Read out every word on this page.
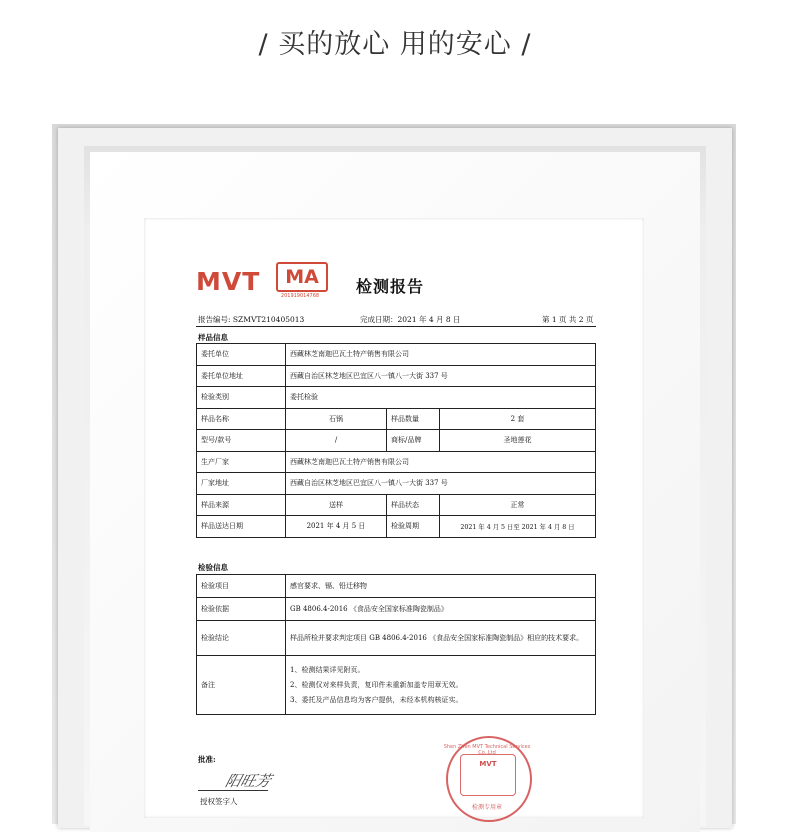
/ 买的放心 用的安心 /
MVT	MA
201919014768	检测报告
报告编号: SZMVT210405013	完成日期：2021 年 4 月 8 日	第 1 页 共 2 页
样品信息
委托单位	西藏林芝南迦巴瓦土特产销售有限公司		
委托单位地址	西藏自治区林芝地区巴宜区八一镇八一大街 337 号		
检验类别	委托检验		
样品名称	石锅	样品数量	2 套
型号/款号	/	商标/品牌	圣地莲花
生产厂家	西藏林芝南迦巴瓦土特产销售有限公司		
厂家地址	西藏自治区林芝地区巴宜区八一镇八一大街 337 号		
样品来源	送样	样品状态	正常
样品送达日期	2021 年 4 月 5 日	检验周期	2021 年 4 月 5 日至 2021 年 4 月 8 日
检验信息
检验项目	感官要求、镉、铅迁移物
检验依据	GB 4806.4-2016 《食品安全国家标准陶瓷制品》
检验结论	样品所检并要求判定项目 GB 4806.4-2016 《食品安全国家标准陶瓷制品》相应的技术要求。
备注	1、检测结果详见附页。
2、检测仅对来样负责，复印件未重新加盖专用章无效。
3、委托及产品信息均为客户提供，未经本机构核证实。
批准:
阳旺芳
授权签字人
Shen Zhen MVT Technical Services Co.,Ltd
MVT
检测专用章
